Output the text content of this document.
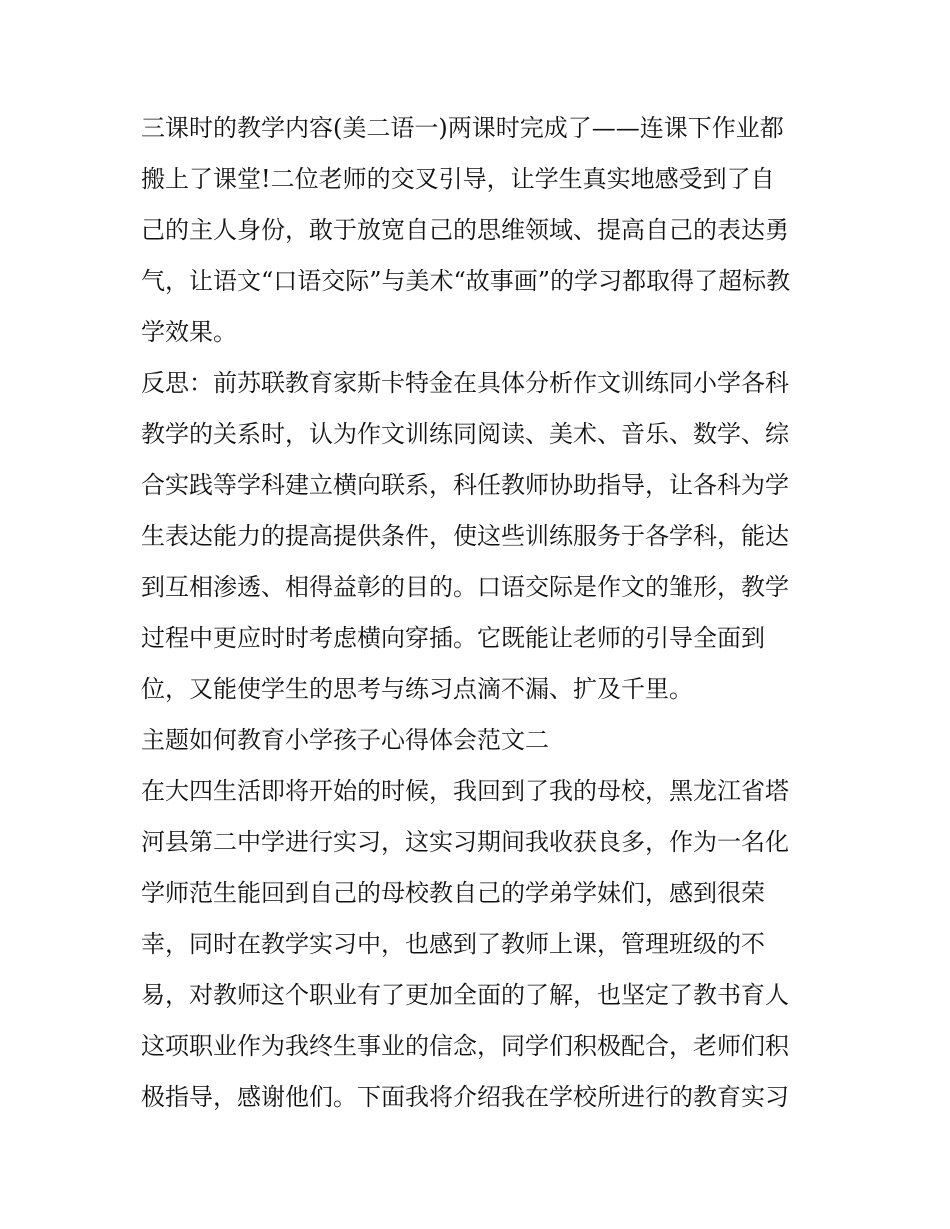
三课时的教学内容(美二语一)两课时完成了——连课下作业都
搬上了课堂!二位老师的交叉引导，让学生真实地感受到了自
己的主人身份，敢于放宽自己的思维领域、提高自己的表达勇
气，让语文“口语交际”与美术“故事画”的学习都取得了超标教
学效果。

反思：前苏联教育家斯卡特金在具体分析作文训练同小学各科
教学的关系时，认为作文训练同阅读、美术、音乐、数学、综
合实践等学科建立横向联系，科任教师协助指导，让各科为学
生表达能力的提高提供条件，使这些训练服务于各学科，能达
到互相渗透、相得益彰的目的。口语交际是作文的雏形，教学
过程中更应时时考虑横向穿插。它既能让老师的引导全面到
位，又能使学生的思考与练习点滴不漏、扩及千里。

主题如何教育小学孩子心得体会范文二

在大四生活即将开始的时候，我回到了我的母校，黑龙江省塔
河县第二中学进行实习，这实习期间我收获良多，作为一名化
学师范生能回到自己的母校教自己的学弟学妹们，感到很荣
幸，同时在教学实习中，也感到了教师上课，管理班级的不
易，对教师这个职业有了更加全面的了解，也坚定了教书育人
这项职业作为我终生事业的信念，同学们积极配合，老师们积
极指导，感谢他们。下面我将介绍我在学校所进行的教育实习
